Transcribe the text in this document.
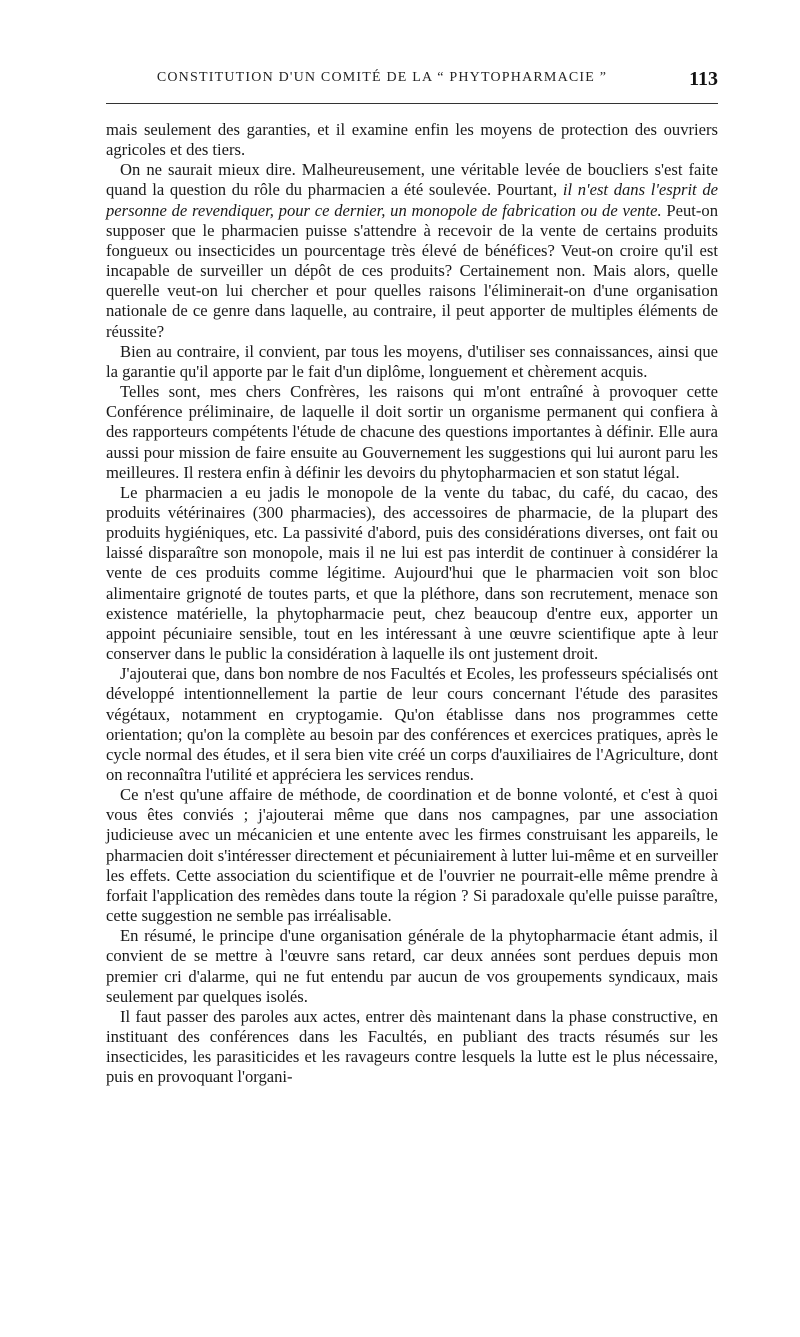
CONSTITUTION D'UN COMITÉ DE LA “ PHYTOPHARMACIE ”	113

mais seulement des garanties, et il examine enfin les moyens de protection des ouvriers agricoles et des tiers.

On ne saurait mieux dire. Malheureusement, une véritable levée de boucliers s'est faite quand la question du rôle du pharmacien a été soulevée. Pourtant, il n'est dans l'esprit de personne de revendiquer, pour ce dernier, un monopole de fabrication ou de vente. Peut-on supposer que le pharmacien puisse s'attendre à recevoir de la vente de certains produits fongueux ou insecticides un pourcentage très élevé de bénéfices? Veut-on croire qu'il est incapable de surveiller un dépôt de ces produits? Certainement non. Mais alors, quelle querelle veut-on lui chercher et pour quelles raisons l'éliminerait-on d'une organisation nationale de ce genre dans laquelle, au contraire, il peut apporter de multiples éléments de réussite?

Bien au contraire, il convient, par tous les moyens, d'utiliser ses connaissances, ainsi que la garantie qu'il apporte par le fait d'un diplôme, longuement et chèrement acquis.

Telles sont, mes chers Confrères, les raisons qui m'ont entraîné à provoquer cette Conférence préliminaire, de laquelle il doit sortir un organisme permanent qui confiera à des rapporteurs compétents l'étude de chacune des questions importantes à définir. Elle aura aussi pour mission de faire ensuite au Gouvernement les suggestions qui lui auront paru les meilleures. Il restera enfin à définir les devoirs du phytopharmacien et son statut légal.

Le pharmacien a eu jadis le monopole de la vente du tabac, du café, du cacao, des produits vétérinaires (300 pharmacies), des accessoires de pharmacie, de la plupart des produits hygiéniques, etc. La passivité d'abord, puis des considérations diverses, ont fait ou laissé disparaître son monopole, mais il ne lui est pas interdit de continuer à considérer la vente de ces produits comme légitime. Aujourd'hui que le pharmacien voit son bloc alimentaire grignoté de toutes parts, et que la pléthore, dans son recrutement, menace son existence matérielle, la phytopharmacie peut, chez beaucoup d'entre eux, apporter un appoint pécuniaire sensible, tout en les intéressant à une œuvre scientifique apte à leur conserver dans le public la considération à laquelle ils ont justement droit.

J'ajouterai que, dans bon nombre de nos Facultés et Ecoles, les professeurs spécialisés ont développé intentionnellement la partie de leur cours concernant l'étude des parasites végétaux, notamment en cryptogamie. Qu'on établisse dans nos programmes cette orientation; qu'on la complète au besoin par des conférences et exercices pratiques, après le cycle normal des études, et il sera bien vite créé un corps d'auxiliaires de l'Agriculture, dont on reconnaîtra l'utilité et appréciera les services rendus.

Ce n'est qu'une affaire de méthode, de coordination et de bonne volonté, et c'est à quoi vous êtes conviés ; j'ajouterai même que dans nos campagnes, par une association judicieuse avec un mécanicien et une entente avec les firmes construisant les appareils, le pharmacien doit s'intéresser directement et pécuniairement à lutter lui-même et en surveiller les effets. Cette association du scientifique et de l'ouvrier ne pourrait-elle même prendre à forfait l'application des remèdes dans toute la région ? Si paradoxale qu'elle puisse paraître, cette suggestion ne semble pas irréalisable.

En résumé, le principe d'une organisation générale de la phytopharmacie étant admis, il convient de se mettre à l'œuvre sans retard, car deux années sont perdues depuis mon premier cri d'alarme, qui ne fut entendu par aucun de vos groupements syndicaux, mais seulement par quelques isolés.

Il faut passer des paroles aux actes, entrer dès maintenant dans la phase constructive, en instituant des conférences dans les Facultés, en publiant des tracts résumés sur les insecticides, les parasiticides et les ravageurs contre lesquels la lutte est le plus nécessaire, puis en provoquant l'organi-
